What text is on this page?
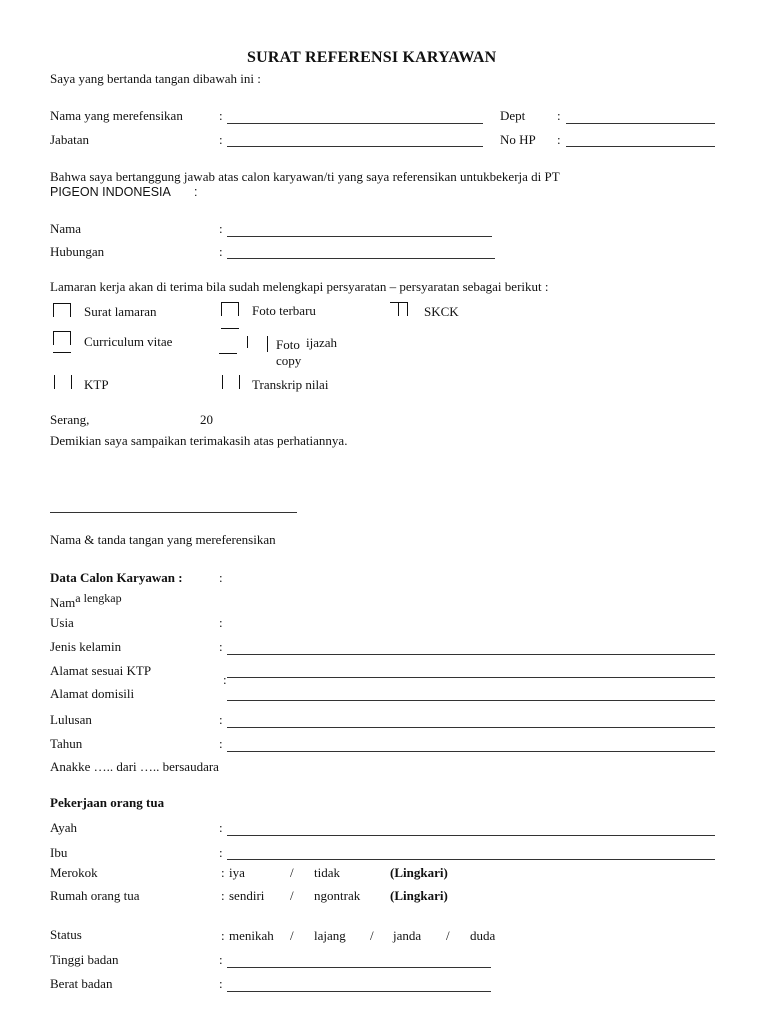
SURAT REFERENSI KARYAWAN
Saya yang bertanda tangan dibawah ini :
Nama yang merefensikan	:	Dept :
Jabatan	:	No HP :
Bahwa saya bertanggung jawab atas calon karyawan/ti yang saya referensikan untukbekerja di PT
PIGEON INDONESIA :
Nama	:
Hubungan	:
Lamaran kerja akan di terima bila sudah melengkapi persyaratan – persyaratan sebagai berikut :
Surat lamaran	Foto terbaru	SKCK
Curriculum vitae	Foto ijazah
copy
KTP	Transkrip nilai
Serang,	20
Demikian saya sampaikan terimakasih atas perhatiannya.
Nama & tanda tangan yang mereferensikan
Data Calon Karyawan :	:
Nama lengkap
Usia	:
Jenis kelamin	:
Alamat sesuai KTP
:
Alamat domisili
Lulusan	:
Tahun	:
Anakke ….. dari ….. bersaudara
Pekerjaan orang tua
Ayah	:
Ibu	:
Merokok	: iya	/ tidak	(Lingkari)
Rumah orang tua	: sendiri / ngontrak (Lingkari)
Status	: menikah / lajang / janda / duda
Tinggi badan	:
Berat badan	:
